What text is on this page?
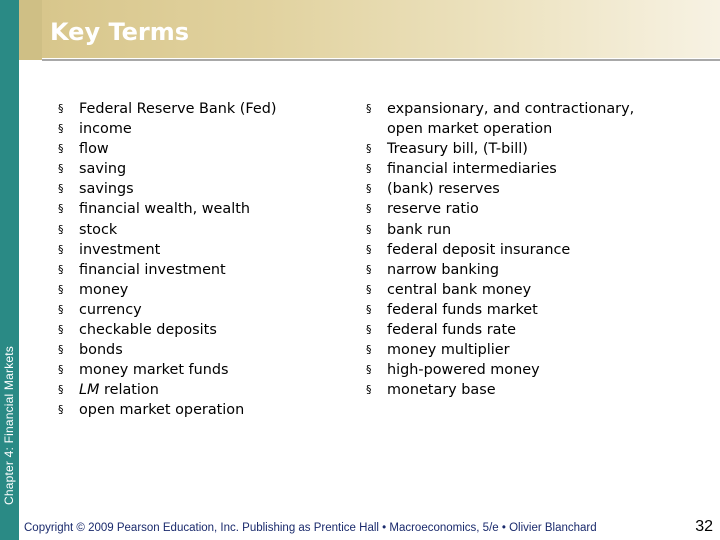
Chapter 4: Financial Markets
Key Terms
§ Federal Reserve Bank (Fed)
§ income
§ flow
§ saving
§ savings
§ financial wealth, wealth
§ stock
§ investment
§ financial investment
§ money
§ currency
§ checkable deposits
§ bonds
§ money market funds
§ LM relation
§ open market operation
§ expansionary, and contractionary,
open market operation
§ Treasury bill, (T-bill)
§ financial intermediaries
§ (bank) reserves
§ reserve ratio
§ bank run
§ federal deposit insurance
§ narrow banking
§ central bank money
§ federal funds market
§ federal funds rate
§ money multiplier
§ high-powered money
§ monetary base
Copyright © 2009 Pearson Education, Inc. Publishing as Prentice Hall • Macroeconomics, 5/e • Olivier Blanchard	32
